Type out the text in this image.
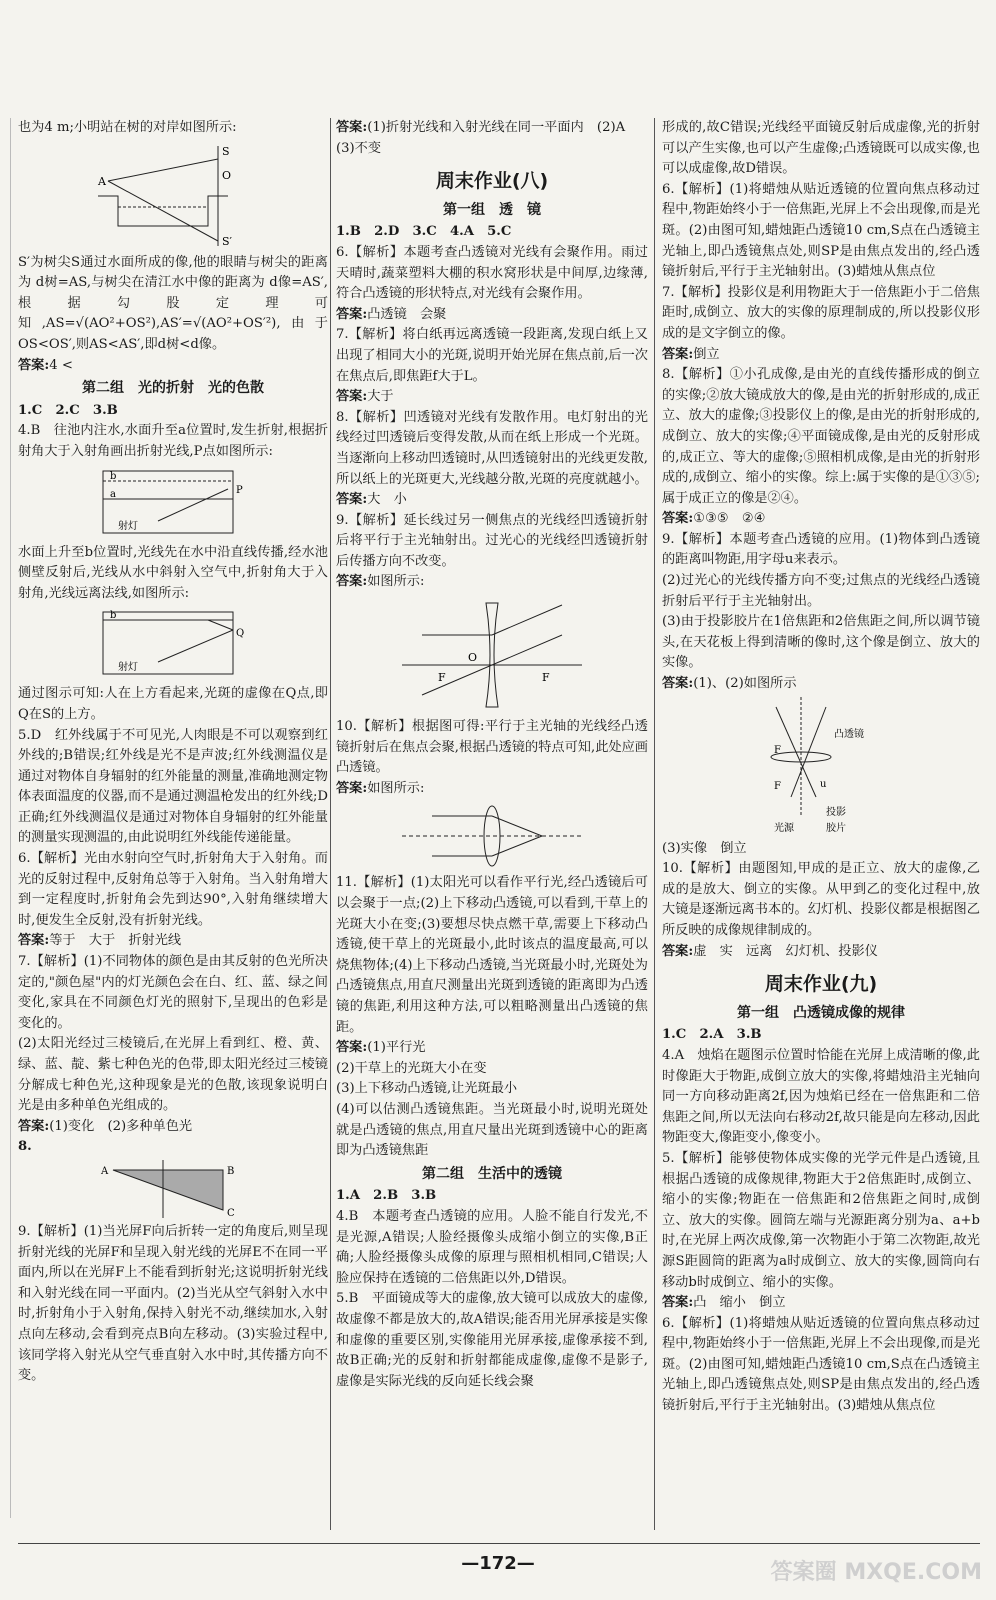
也为4 m;小明站在树的对岸如图所示:

A
S
O
S′

S′为树尖S通过水面所成的像,他的眼睛与树尖的距离为 d树=AS,与树尖在清江水中像的距离为 d像=AS′,根据勾股定理可知,AS=√(AO²+OS²),AS′=√(AO²+OS′²),由于OS<OS′,则AS<AS′,即d树<d像。

答案:4 <

第二组　光的折射　光的色散

1.C　2.C　3.B

4.B　往池内注水,水面升至a位置时,发生折射,根据折射角大于入射角画出折射光线,P点如图所示:

b
a	P
射灯

水面上升至b位置时,光线先在水中沿直线传播,经水池侧壁反射后,光线从水中斜射入空气中,折射角大于入射角,光线远离法线,如图所示:

b
Q
射灯

通过图示可知:人在上方看起来,光斑的虚像在Q点,即Q在S的上方。

5.D　红外线属于不可见光,人肉眼是不可以观察到红外线的;B错误;红外线是光不是声波;红外线测温仪是通过对物体自身辐射的红外能量的测量,准确地测定物体表面温度的仪器,而不是通过测温枪发出的红外线;D正确;红外线测温仪是通过对物体自身辐射的红外能量的测量实现测温的,由此说明红外线能传递能量。

6.【解析】光由水射向空气时,折射角大于入射角。而光的反射过程中,反射角总等于入射角。当入射角增大到一定程度时,折射角会先到达90°,入射角继续增大时,便发生全反射,没有折射光线。

答案:等于　大于　折射光线

7.【解析】(1)不同物体的颜色是由其反射的色光所决定的,"颜色屋"内的灯光颜色会在白、红、蓝、绿之间变化,家具在不同颜色灯光的照射下,呈现出的色彩是变化的。

(2)太阳光经过三棱镜后,在光屏上看到红、橙、黄、绿、蓝、靛、紫七种色光的色带,即太阳光经过三棱镜分解成七种色光,这种现象是光的色散,该现象说明白光是由多种单色光组成的。

答案:(1)变化　(2)多种单色光

8.

A	B
C

9.【解析】(1)当光屏F向后折转一定的角度后,则呈现折射光线的光屏F和呈现入射光线的光屏E不在同一平面内,所以在光屏F上不能看到折射光;这说明折射光线和入射光线在同一平面内。(2)当光从空气斜射入水中时,折射角小于入射角,保持入射光不动,继续加水,入射点向左移动,会看到亮点B向左移动。(3)实验过程中,该同学将入射光从空气垂直射入水中时,其传播方向不变。

答案:(1)折射光线和入射光线在同一平面内　(2)A　(3)不变

周末作业(八)
第一组　透　镜

1.B　2.D　3.C　4.A　5.C

6.【解析】本题考查凸透镜对光线有会聚作用。雨过天晴时,蔬菜塑料大棚的积水窝形状是中间厚,边缘薄,符合凸透镜的形状特点,对光线有会聚作用。

答案:凸透镜　会聚

7.【解析】将白纸再远离透镜一段距离,发现白纸上又出现了相同大小的光斑,说明开始光屏在焦点前,后一次在焦点后,即焦距f大于L。

答案:大于

8.【解析】凹透镜对光线有发散作用。电灯射出的光线经过凹透镜后变得发散,从而在纸上形成一个光斑。当逐渐向上移动凹透镜时,从凹透镜射出的光线更发散,所以纸上的光斑更大,光线越分散,光斑的亮度就越小。

答案:大　小

9.【解析】延长线过另一侧焦点的光线经凹透镜折射后将平行于主光轴射出。过光心的光线经凹透镜折射后传播方向不改变。

答案:如图所示:

O
F	F

10.【解析】根据图可得:平行于主光轴的光线经凸透镜折射后在焦点会聚,根据凸透镜的特点可知,此处应画凸透镜。

答案:如图所示:

11.【解析】(1)太阳光可以看作平行光,经凸透镜后可以会聚于一点;(2)上下移动凸透镜,可以看到,干草上的光斑大小在变;(3)要想尽快点燃干草,需要上下移动凸透镜,使干草上的光斑最小,此时该点的温度最高,可以烧焦物体;(4)上下移动凸透镜,当光斑最小时,光斑处为凸透镜焦点,用直尺测量出光斑到透镜的距离即为凸透镜的焦距,利用这种方法,可以粗略测量出凸透镜的焦距。

答案:(1)平行光

(2)干草上的光斑大小在变

(3)上下移动凸透镜,让光斑最小

(4)可以估测凸透镜焦距。当光斑最小时,说明光斑处就是凸透镜的焦点,用直尺量出光斑到透镜中心的距离即为凸透镜焦距

第二组　生活中的透镜

1.A　2.B　3.B

4.B　本题考查凸透镜的应用。人脸不能自行发光,不是光源,A错误;人脸经摄像头成缩小倒立的实像,B正确;人脸经摄像头成像的原理与照相机相同,C错误;人脸应保持在透镜的二倍焦距以外,D错误。

5.B　平面镜成等大的虚像,放大镜可以成放大的虚像,故虚像不都是放大的,故A错误;能否用光屏承接是实像和虚像的重要区别,实像能用光屏承接,虚像承接不到,故B正确;光的反射和折射都能成虚像,虚像不是影子,虚像是实际光线的反向延长线会聚

形成的,故C错误;光线经平面镜反射后成虚像,光的折射可以产生实像,也可以产生虚像;凸透镜既可以成实像,也可以成虚像,故D错误。

6.【解析】(1)将蜡烛从贴近透镜的位置向焦点移动过程中,物距始终小于一倍焦距,光屏上不会出现像,而是光斑。(2)由图可知,蜡烛距凸透镜10 cm,S点在凸透镜主光轴上,即凸透镜焦点处,则SP是由焦点发出的,经凸透镜折射后,平行于主光轴射出。(3)蜡烛从焦点位

7.【解析】投影仪是利用物距大于一倍焦距小于二倍焦距时,成倒立、放大的实像的原理制成的,所以投影仪形成的是文字倒立的像。

答案:倒立

8.【解析】①小孔成像,是由光的直线传播形成的倒立的实像;②放大镜成放大的像,是由光的折射形成的,成正立、放大的虚像;③投影仪上的像,是由光的折射形成的,成倒立、放大的实像;④平面镜成像,是由光的反射形成的,成正立、等大的虚像;⑤照相机成像,是由光的折射形成的,成倒立、缩小的实像。综上:属于实像的是①③⑤;属于成正立的像是②④。

答案:①③⑤　②④

9.【解析】本题考查凸透镜的应用。(1)物体到凸透镜的距离叫物距,用字母u来表示。

(2)过光心的光线传播方向不变;过焦点的光线经凸透镜折射后平行于主光轴射出。

(3)由于投影胶片在1倍焦距和2倍焦距之间,所以调节镜头,在天花板上得到清晰的像时,这个像是倒立、放大的实像。

答案:(1)、(2)如图所示

凸透镜
F
F	u
投影
光源	胶片

(3)实像　倒立

10.【解析】由题图知,甲成的是正立、放大的虚像,乙成的是放大、倒立的实像。从甲到乙的变化过程中,放大镜是逐渐远离书本的。幻灯机、投影仪都是根据图乙所反映的成像规律制成的。

答案:虚　实　远离　幻灯机、投影仪

周末作业(九)
第一组　凸透镜成像的规律

1.C　2.A　3.B

4.A　烛焰在题图示位置时恰能在光屏上成清晰的像,此时像距大于物距,成倒立放大的实像,将蜡烛沿主光轴向同一方向移动距离2f,因为烛焰已经在一倍焦距和二倍焦距之间,所以无法向右移动2f,故只能是向左移动,因此物距变大,像距变小,像变小。

5.【解析】能够使物体成实像的光学元件是凸透镜,且根据凸透镜的成像规律,物距大于2倍焦距时,成倒立、缩小的实像;物距在一倍焦距和2倍焦距之间时,成倒立、放大的实像。圆筒左端与光源距离分别为a、a+b时,在光屏上两次成像,第一次物距小于第二次物距,故光源S距圆筒的距离为a时成倒立、放大的实像,圆筒向右移动b时成倒立、缩小的实像。

答案:凸　缩小　倒立

6.【解析】(1)将蜡烛从贴近透镜的位置向焦点移动过程中,物距始终小于一倍焦距,光屏上不会出现像,而是光斑。(2)由图可知,蜡烛距凸透镜10 cm,S点在凸透镜主光轴上,即凸透镜焦点处,则SP是由焦点发出的,经凸透镜折射后,平行于主光轴射出。(3)蜡烛从焦点位

—172—	答案圈 MXQE.COM
